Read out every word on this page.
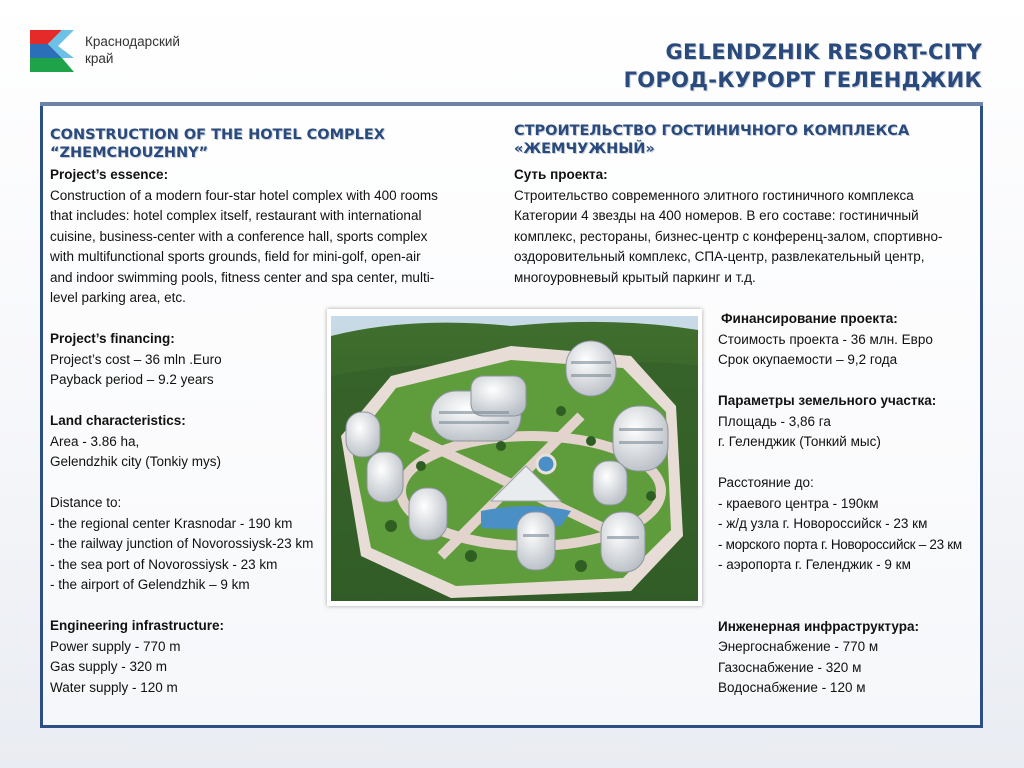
Краснодарский
край	GELENDZHIK RESORT-CITY
ГОРОД-КУРОРТ ГЕЛЕНДЖИК
CONSTRUCTION OF THE HOTEL COMPLEX
“ZHEMCHOUZHNY”
Project’s essence:
Construction of a modern four-star hotel complex with 400 rooms
that includes: hotel complex itself, restaurant with international
cuisine, business-center with a conference hall, sports complex
with multifunctional sports grounds, field for mini-golf, open-air
and indoor swimming pools, fitness center and spa center, multi-
level parking area, etc.
Project’s financing:
Project’s cost – 36 mln .Euro
Payback period – 9.2 years
Land characteristics:
Area - 3.86 ha,
Gelendzhik city (Tonkiy mys)
Distance to:
- the regional center Krasnodar - 190 km
- the railway junction of Novorossiysk-23 km
- the sea port of Novorossiysk - 23 km
- the airport of Gelendzhik – 9 km
Engineering infrastructure:
Power supply - 770 m
Gas supply - 320 m
Water supply - 120 m
СТРОИТЕЛЬСТВО ГОСТИНИЧНОГО КОМПЛЕКСА
«ЖЕМЧУЖНЫЙ»
Суть проекта:
Строительство современного элитного гостиничного комплекса
Категории 4 звезды на 400 номеров. В его составе: гостиничный
комплекс, рестораны, бизнес-центр с конференц-залом, спортивно-
оздоровительный комплекс, СПА-центр, развлекательный центр,
многоуровневый крытый паркинг и т.д.
Финансирование проекта:
Стоимость проекта - 36 млн. Евро
Срок окупаемости – 9,2 года
Параметры земельного участка:
Площадь - 3,86 га
г. Геленджик (Тонкий мыс)
Расстояние до:
- краевого центра - 190км
- ж/д узла г. Новороссийск - 23 км
- морского порта г. Новороссийск – 23 км
- аэропорта г. Геленджик - 9 км
Инженерная инфраструктура:
Энергоснабжение - 770 м
Газоснабжение - 320 м
Водоснабжение - 120 м
